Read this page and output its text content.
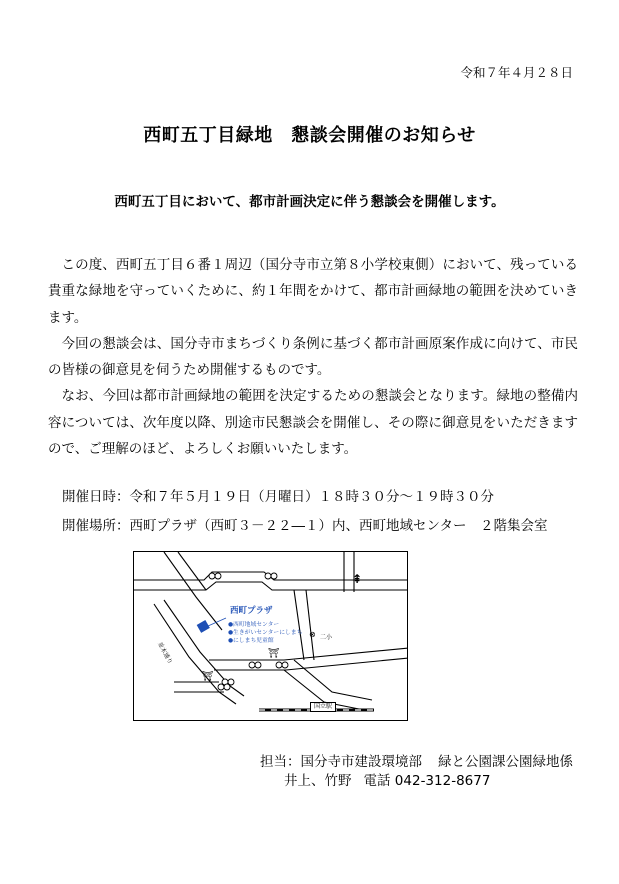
令和７年４月２８日
西町五丁目緑地　懇談会開催のお知らせ
西町五丁目において、都市計画決定に伴う懇談会を開催します。

この度、西町五丁目６番１周辺（国分寺市立第８小学校東側）において、残っている貴重な緑地を守っていくために、約１年間をかけて、都市計画緑地の範囲を決めていきます。

今回の懇談会は、国分寺市まちづくり条例に基づく都市計画原案作成に向けて、市民の皆様の御意見を伺うため開催するものです。

なお、今回は都市計画緑地の範囲を決定するための懇談会となります。緑地の整備内容については、次年度以降、別途市民懇談会を開催し、その際に御意見をいただきますので、ご理解のほど、よろしくお願いいたします。

開催日時：令和７年５月１９日（月曜日）１８時３０分～１９時３０分
開催場所：西町プラザ（西町３－２２―１）内、西町地域センター　２階集会室
西町プラザ
●西町地域センター
●生きがいセンターにしまち
●にしまち児童館
⊗ 二小
並木通り
国立駅
⛩
⛩
⇞
担当：国分寺市建設環境部 緑と公園課公園緑地係
井上、竹野 電話 042-312-8677
